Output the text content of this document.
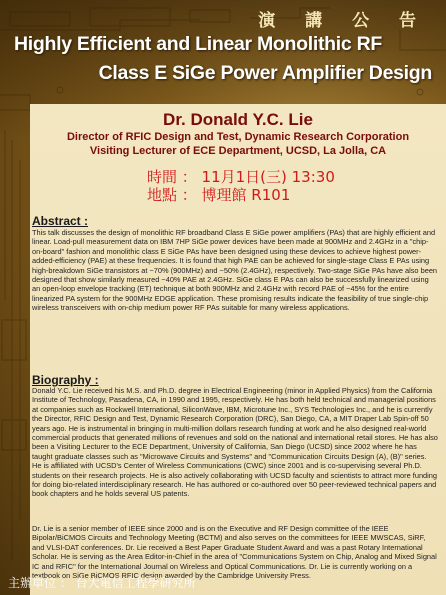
演 講 公 告
Highly Efficient and Linear Monolithic RF
Class E SiGe Power Amplifier Design
Dr. Donald Y.C. Lie
Director of RFIC Design and Test, Dynamic Research Corporation
Visiting Lecturer of ECE Department, UCSD, La Jolla, CA
時間 ： 11月1日(三) 13:30
地點 ： 博理館 R101
Abstract :
This talk discusses the design of monolithic RF broadband Class E SiGe power amplifiers (PAs) that are highly efficient and linear. Load-pull measurement data on IBM 7HP SiGe power devices have been made at 900MHz and 2.4GHz in a "chip-on-board" fashion and monolithic class E SiGe PAs have been designed using these devices to achieve highest power-added-efficiency (PAE) at these frequencies. It is found that high PAE can be achieved for single-stage Class E PAs using high-breakdown SiGe transistors at ~70% (900MHz) and ~50% (2.4GHz), respectively. Two-stage SiGe PAs have also been designed that show similarly measured ~40% PAE at 2.4GHz. SiGe class E PAs can also be successfully linearized using an open-loop envelope tracking (ET) technique at both 900MHz and 2.4GHz with record PAE of ~45% for the entire linearized PA system for the 900MHz EDGE application. These promising results indicate the feasibility of true single-chip wireless transceivers with on-chip medium power RF PAs suitable for many wireless applications.
Biography :
Donald Y.C. Lie received his M.S. and Ph.D. degree in Electrical Engineering (minor in Applied Physics) from the California Institute of Technology, Pasadena, CA, in 1990 and 1995, respectively. He has both held technical and managerial positions at companies such as Rockwell International, SiliconWave, IBM, Microtune Inc., SYS Technologies Inc., and he is currently the Director, RFIC Design and Test, Dynamic Research Corporation (DRC), San Diego, CA, a MIT Draper Lab Spin-off 50 years ago. He is instrumental in bringing in multi-million dollars research funding at work and he also designed real-world commercial products that generated millions of revenues and sold on the national and international retail stores. He has also been a Visiting Lecturer to the ECE Department, University of California, San Diego (UCSD) since 2002 where he has taught graduate classes such as "Microwave Circuits and Systems" and "Communication Circuits Design (A), (B)" series. He is affiliated with UCSD's Center of Wireless Communications (CWC) since 2001 and is co-supervising several Ph.D. students on their research projects. He is also actively collaborating with UCSD faculty and scientists to attract more funding for doing bio-related interdisciplinary research. He has authored or co-authored over 50 peer-reviewed technical papers and book chapters and he holds several US patents.
Dr. Lie is a senior member of IEEE since 2000 and is on the Executive and RF Design committee of the IEEE Bipolar/BiCMOS Circuits and Technology Meeting (BCTM) and also serves on the committees for IEEE MWSCAS, SiRF, and VLSI-DAT conferences. Dr. Lie received a Best Paper Graduate Student Award and was a past Rotary International Scholar. He is serving as the Area Editor-in-Chief in the area of "Communications System on Chip, Analog and Mixed Signal IC and RFIC" for the International Journal on Wireless and Optical Communications. Dr. Lie is currently working on a textbook on SiGe BiCMOS RFIC design awarded by the Cambridge University Press.
主辦單位 ： 台大電信工程學研究所
